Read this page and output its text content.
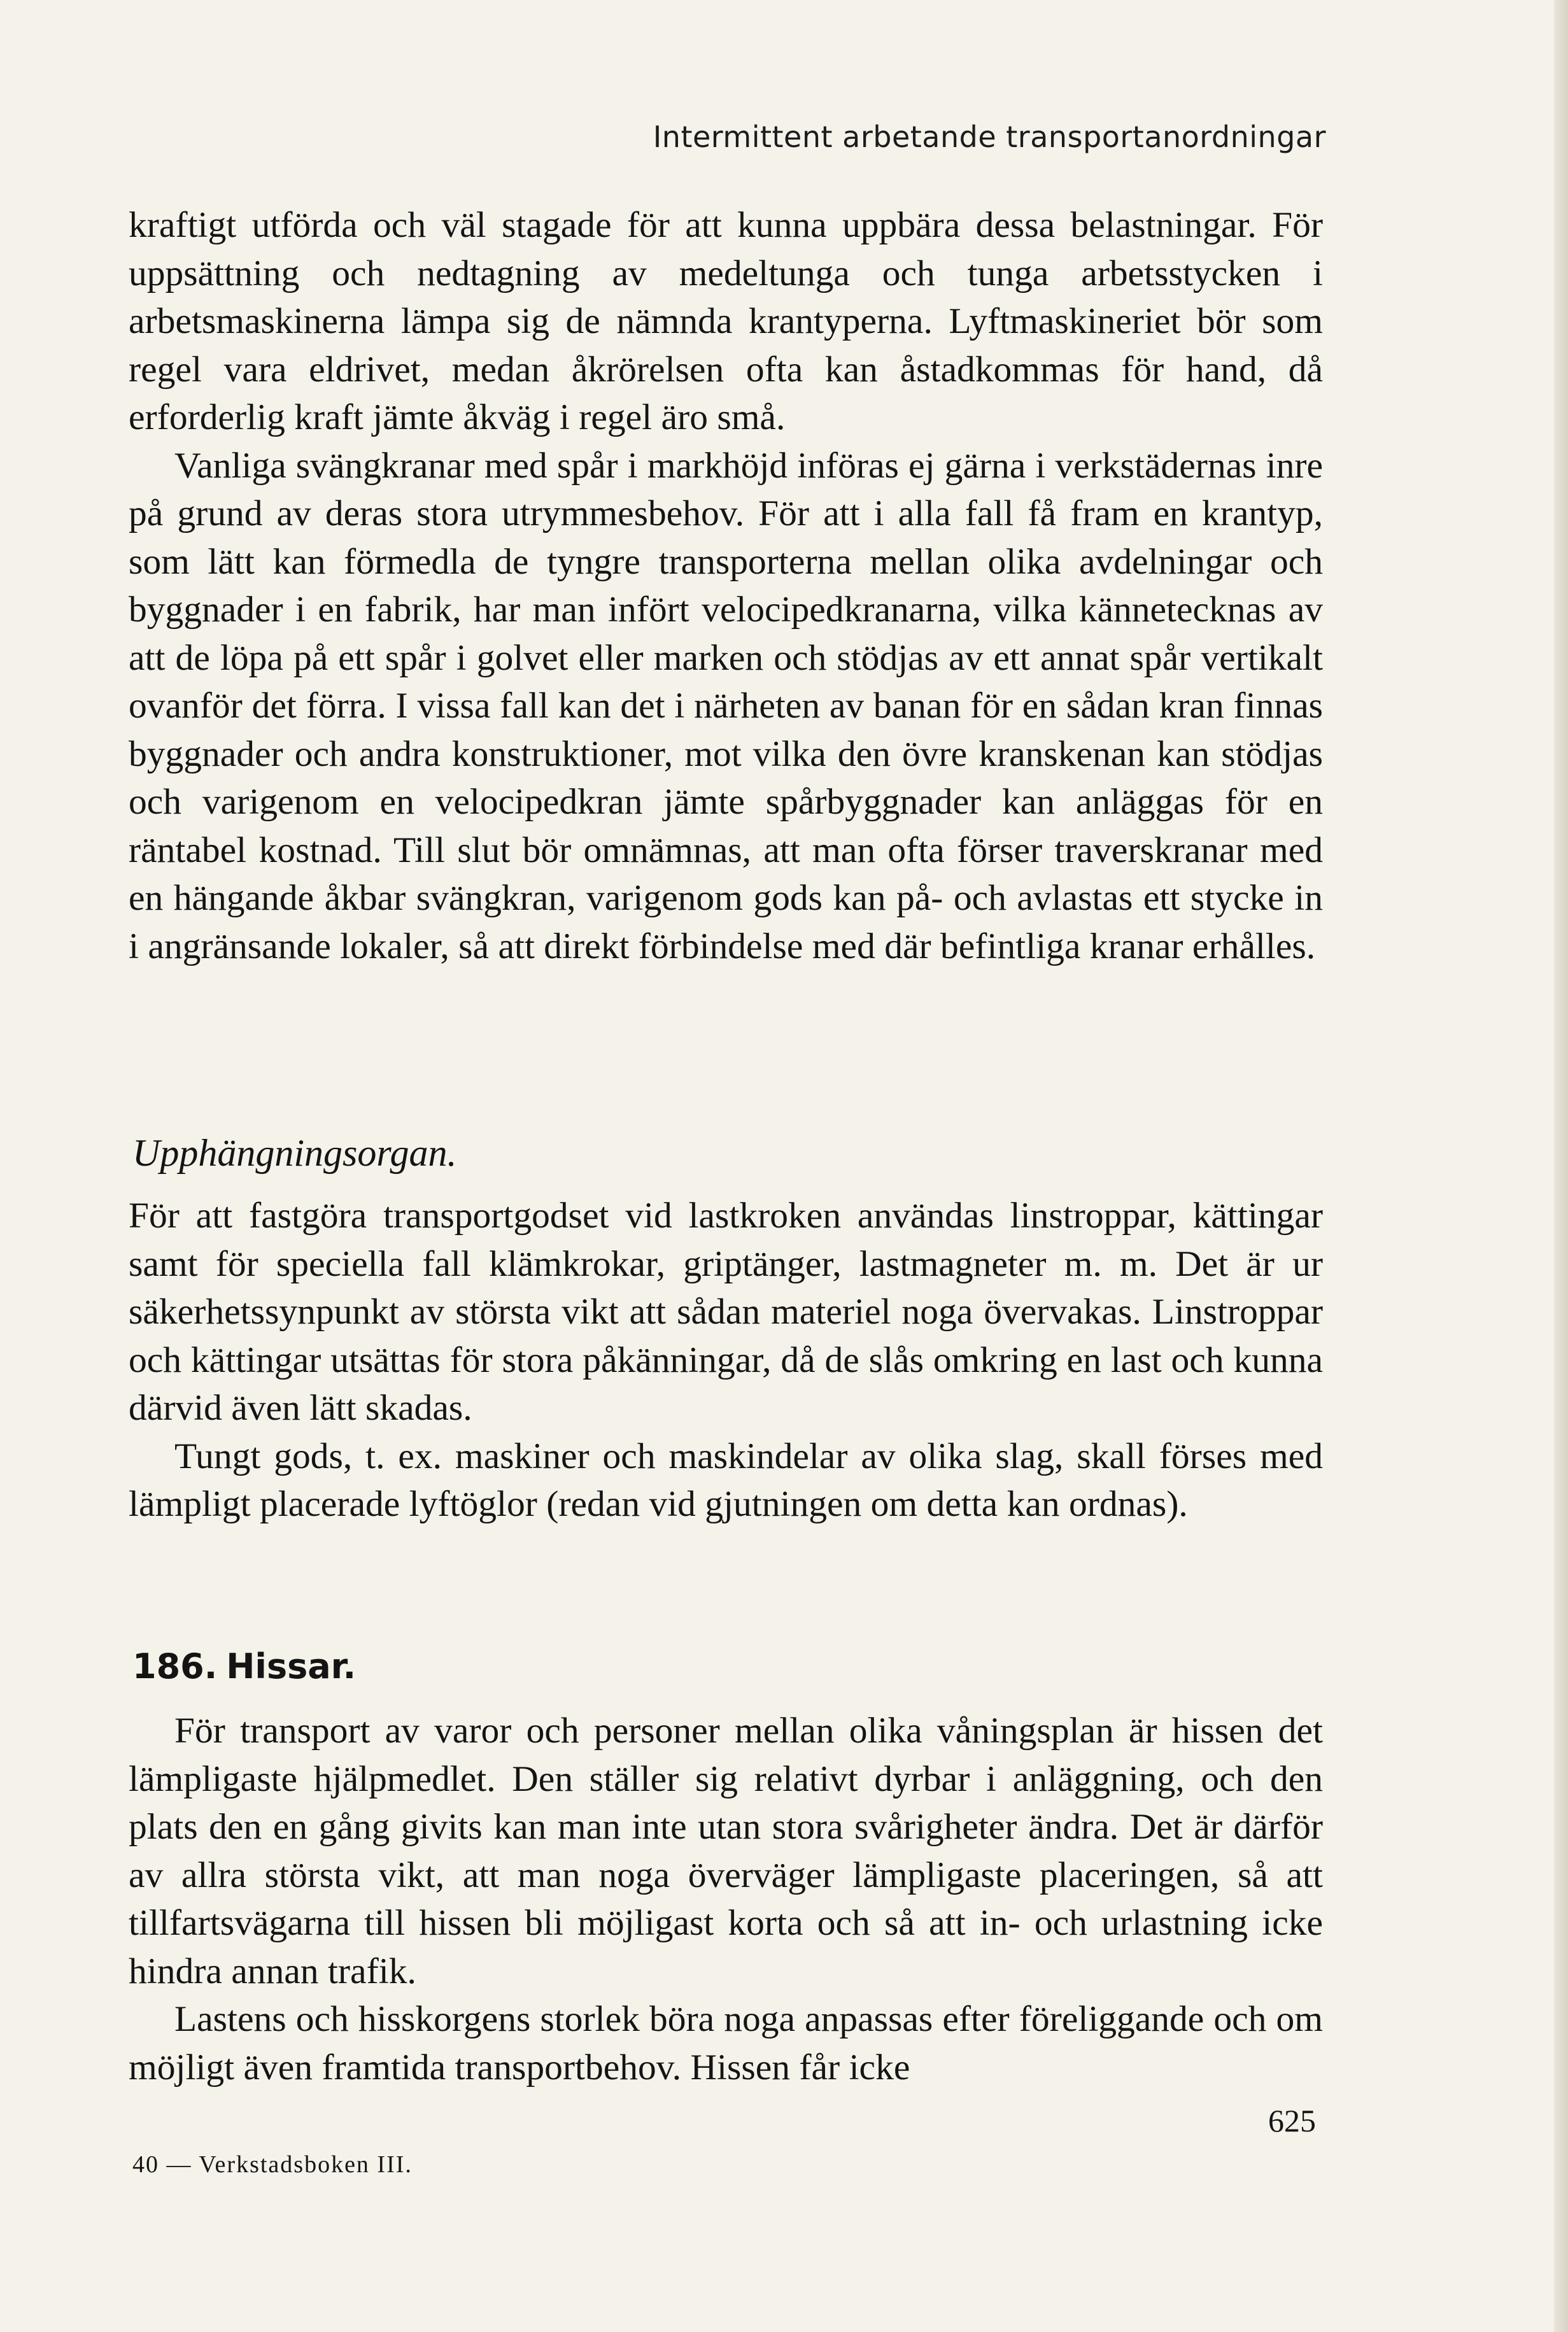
Intermittent arbetande transportanordningar

kraftigt utförda och väl stagade för att kunna uppbära dessa belastningar. För uppsättning och nedtagning av medeltunga och tunga arbetsstycken i arbetsmaskinerna lämpa sig de nämnda krantyperna. Lyftmaskineriet bör som regel vara eldrivet, medan åkrörelsen ofta kan åstadkommas för hand, då erforderlig kraft jämte åkväg i regel äro små.

Vanliga svängkranar med spår i markhöjd införas ej gärna i verkstädernas inre på grund av deras stora utrymmesbehov. För att i alla fall få fram en krantyp, som lätt kan förmedla de tyngre transporterna mellan olika avdelningar och byggnader i en fabrik, har man infört velocipedkranarna, vilka kännetecknas av att de löpa på ett spår i golvet eller marken och stödjas av ett annat spår vertikalt ovanför det förra. I vissa fall kan det i närheten av banan för en sådan kran finnas byggnader och andra konstruktioner, mot vilka den övre kranskenan kan stödjas och varigenom en velocipedkran jämte spårbyggnader kan anläggas för en räntabel kostnad. Till slut bör omnämnas, att man ofta förser traverskranar med en hängande åkbar svängkran, varigenom gods kan på- och avlastas ett stycke in i angränsande lokaler, så att direkt förbindelse med där befintliga kranar erhålles.

Upphängningsorgan.

För att fastgöra transportgodset vid lastkroken användas linstroppar, kättingar samt för speciella fall klämkrokar, griptänger, lastmagneter m. m. Det är ur säkerhetssynpunkt av största vikt att sådan materiel noga övervakas. Linstroppar och kättingar utsättas för stora påkänningar, då de slås omkring en last och kunna därvid även lätt skadas.

Tungt gods, t. ex. maskiner och maskindelar av olika slag, skall förses med lämpligt placerade lyftöglor (redan vid gjutningen om detta kan ordnas).

186. Hissar.

För transport av varor och personer mellan olika våningsplan är hissen det lämpligaste hjälpmedlet. Den ställer sig relativt dyrbar i anläggning, och den plats den en gång givits kan man inte utan stora svårigheter ändra. Det är därför av allra största vikt, att man noga överväger lämpligaste placeringen, så att tillfartsvägarna till hissen bli möjligast korta och så att in- och urlastning icke hindra annan trafik.

Lastens och hisskorgens storlek böra noga anpassas efter föreliggande och om möjligt även framtida transportbehov. Hissen får icke

625
40 — Verkstadsboken III.
